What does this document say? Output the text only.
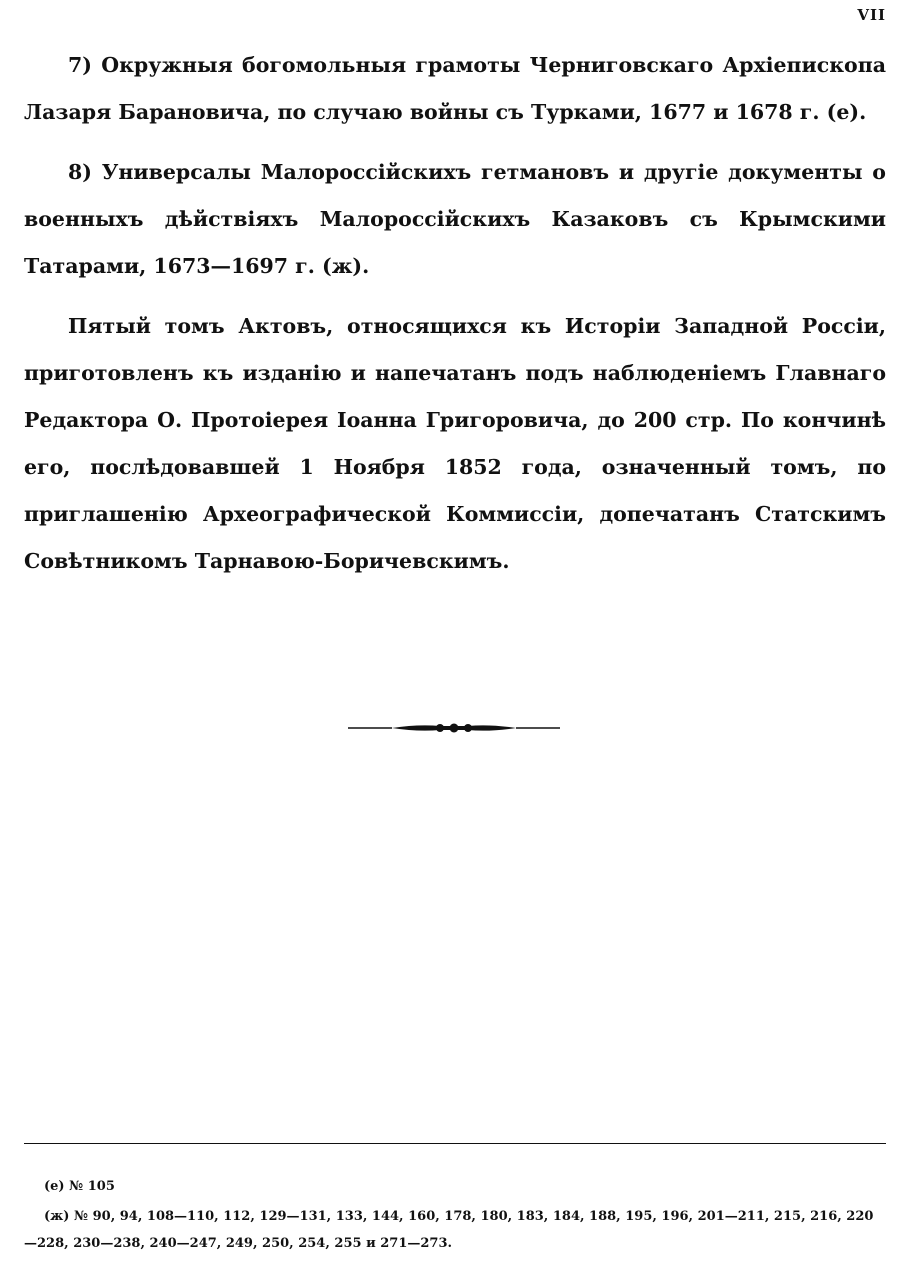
VII

7) Окружныя богомольныя грамоты Черниговскаго Архіепископа Лазаря Барановича, по случаю войны съ Турками, 1677 и 1678 г. (е).

8) Универсалы Малороссійскихъ гетмановъ и другіе документы о военныхъ дѣйствіяхъ Малороссійскихъ Казаковъ съ Крымскими Татарами, 1673—1697 г. (ж).

Пятый томъ Актовъ, относящихся къ Исторіи Западной Россіи, приготовленъ къ изданію и напечатанъ подъ наблюденіемъ Главнаго Редактора О. Протоіерея Іоанна Григоровича, до 200 стр. По кончинѣ его, послѣдовавшей 1 Ноября 1852 года, означенный томъ, по приглашенію Археографической Коммиссіи, допечатанъ Статскимъ Совѣтникомъ Тарнавою-Боричевскимъ.

(е) № 105

(ж) № 90, 94, 108—110, 112, 129—131, 133, 144, 160, 178, 180, 183, 184, 188, 195, 196, 201—211, 215, 216, 220—228, 230—238, 240—247, 249, 250, 254, 255 и 271—273.
